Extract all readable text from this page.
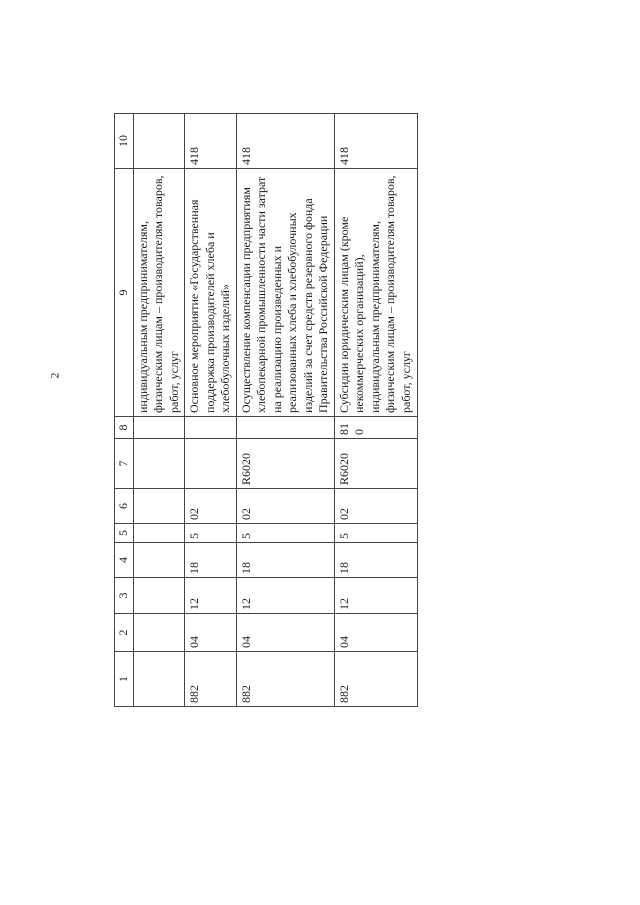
2
1	2	3	4	5	6	7	8	9	10
								индивидуальным предпринимателям, физическим лицам – производителям товаров, работ, услуг	
882	04	12	18	5	02			Основное мероприятие «Государственная поддержка производителей хлеба и хлебобулочных изделий»	418
882	04	12	18	5	02	R6020		Осуществление компенсации предприятиям хлебопекарной промышленности части затрат на реализацию произведенных и реализованных хлеба и хлебобулочных изделий за счет средств резервного фонда Правительства Российской Федерации	418
882	04	12	18	5	02	R6020	810	Субсидии юридическим лицам (кроме некоммерческих организаций), индивидуальным предпринимателям, физическим лицам – производителям товаров, работ, услуг	418
